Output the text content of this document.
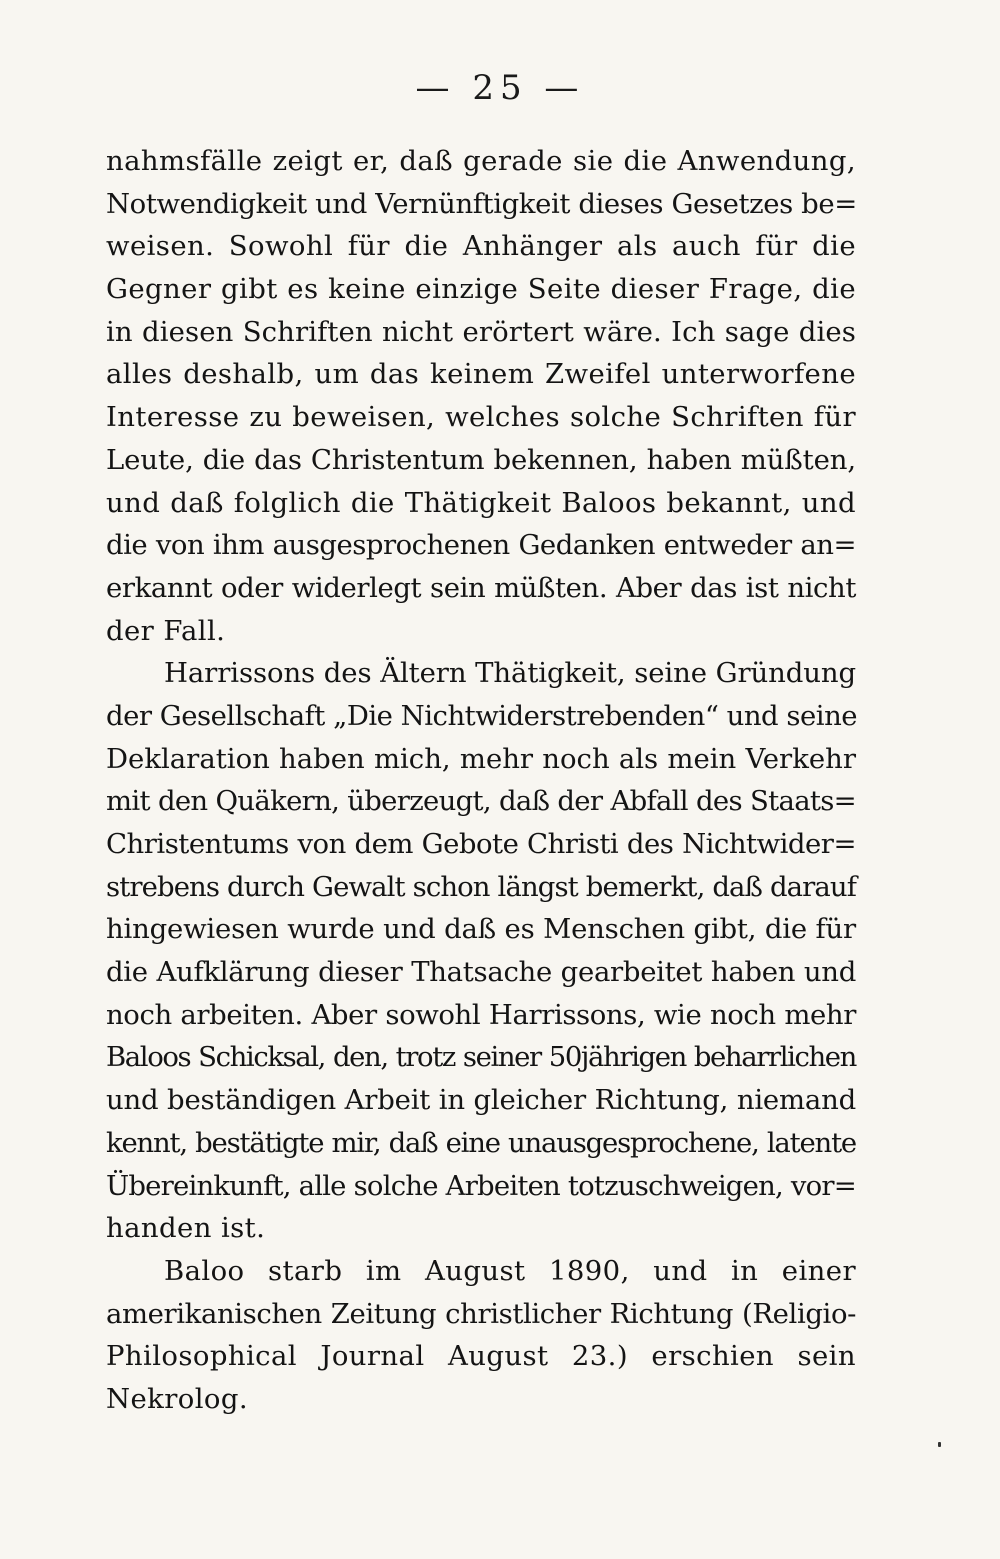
— 25 —
nahmsfälle zeigt er, daß gerade sie die Anwendung,
Notwendigkeit und Vernünftigkeit dieses Gesetzes be=
weisen. Sowohl für die Anhänger als auch für die
Gegner gibt es keine einzige Seite dieser Frage, die
in diesen Schriften nicht erörtert wäre. Ich sage dies
alles deshalb, um das keinem Zweifel unterworfene
Interesse zu beweisen, welches solche Schriften für
Leute, die das Christentum bekennen, haben müßten,
und daß folglich die Thätigkeit Baloos bekannt, und
die von ihm ausgesprochenen Gedanken entweder an=
erkannt oder widerlegt sein müßten. Aber das ist nicht
der Fall.
Harrissons des Ältern Thätigkeit, seine Gründung
der Gesellschaft „Die Nichtwiderstrebenden“ und seine
Deklaration haben mich, mehr noch als mein Verkehr
mit den Quäkern, überzeugt, daß der Abfall des Staats=
Christentums von dem Gebote Christi des Nichtwider=
strebens durch Gewalt schon längst bemerkt, daß darauf
hingewiesen wurde und daß es Menschen gibt, die für
die Aufklärung dieser Thatsache gearbeitet haben und
noch arbeiten. Aber sowohl Harrissons, wie noch mehr
Baloos Schicksal, den, trotz seiner 50jährigen beharrlichen
und beständigen Arbeit in gleicher Richtung, niemand
kennt, bestätigte mir, daß eine unausgesprochene, latente
Übereinkunft, alle solche Arbeiten totzuschweigen, vor=
handen ist.
Baloo starb im August 1890, und in einer
amerikanischen Zeitung christlicher Richtung (Religio-
Philosophical Journal August 23.) erschien sein
Nekrolog.
